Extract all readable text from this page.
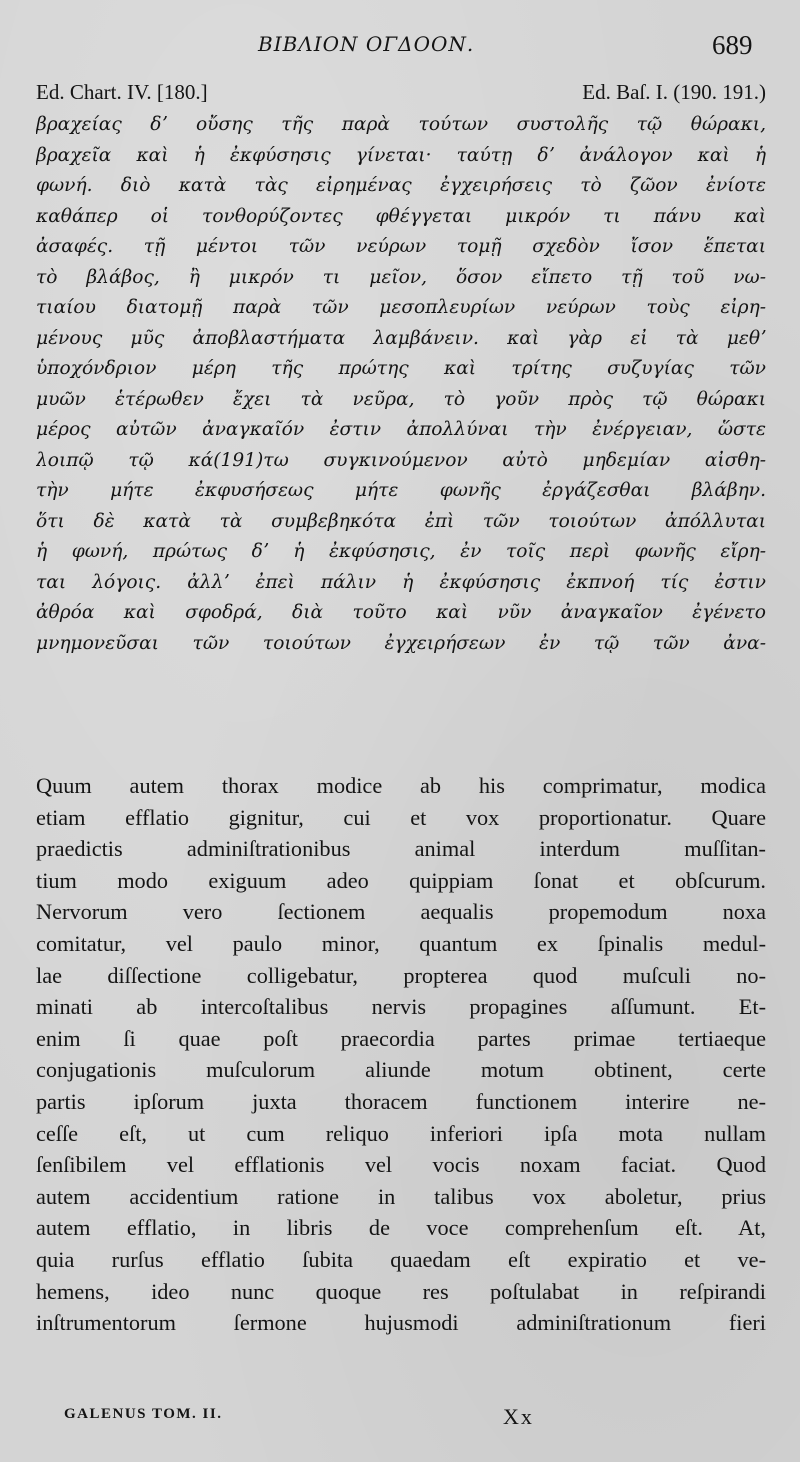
ΒΙΒΛΙΟΝ ΟΓΔΟΟΝ.	689
Ed. Chart. IV. [180.]	Ed. Baſ. I. (190. 191.)
βραχείας δʼ οὔσης τῆς παρὰ τούτων συστολῆς τῷ θώρακι,
βραχεῖα καὶ ἡ ἐκφύσησις γίνεται· ταύτῃ δʼ ἀνάλογον καὶ ἡ
φωνή. διὸ κατὰ τὰς εἰρημένας ἐγχειρήσεις τὸ ζῶον ἐνίοτε
καθάπερ οἱ τονθορύζοντες φθέγγεται μικρόν τι πάνυ καὶ
ἀσαφές. τῇ μέντοι τῶν νεύρων τομῇ σχεδὸν ἴσον ἕπεται
τὸ βλάβος, ἢ μικρόν τι μεῖον, ὅσον εἴπετο τῇ τοῦ νω-
τιαίου διατομῇ παρὰ τῶν μεσοπλευρίων νεύρων τοὺς εἰρη-
μένους μῦς ἀποβλαστήματα λαμβάνειν. καὶ γὰρ εἰ τὰ μεθʼ
ὑποχόνδριον μέρη τῆς πρώτης καὶ τρίτης συζυγίας τῶν
μυῶν ἑτέρωθεν ἔχει τὰ νεῦρα, τὸ γοῦν πρὸς τῷ θώρακι
μέρος αὐτῶν ἀναγκαῖόν ἐστιν ἀπολλύναι τὴν ἐνέργειαν, ὥστε
λοιπῷ τῷ κά(191)τω συγκινούμενον αὐτὸ μηδεμίαν αἰσθη-
τὴν μήτε ἐκφυσήσεως μήτε φωνῆς ἐργάζεσθαι βλάβην.
ὅτι δὲ κατὰ τὰ συμβεβηκότα ἐπὶ τῶν τοιούτων ἀπόλλυται
ἡ φωνή, πρώτως δʼ ἡ ἐκφύσησις, ἐν τοῖς περὶ φωνῆς εἴρη-
ται λόγοις. ἀλλʼ ἐπεὶ πάλιν ἡ ἐκφύσησις ἐκπνοή τίς ἐστιν
ἀθρόα καὶ σφοδρά, διὰ τοῦτο καὶ νῦν ἀναγκαῖον ἐγένετο
μνημονεῦσαι τῶν τοιούτων ἐγχειρήσεων ἐν τῷ τῶν ἀνα-
Quum autem thorax modice ab his comprimatur, modica
etiam efflatio gignitur, cui et vox proportionatur. Quare
praedictis adminiſtrationibus animal interdum muſſitan-
tium modo exiguum adeo quippiam ſonat et obſcurum.
Nervorum vero ſectionem aequalis propemodum noxa
comitatur, vel paulo minor, quantum ex ſpinalis medul-
lae diſſectione colligebatur, propterea quod muſculi no-
minati ab intercoſtalibus nervis propagines aſſumunt. Et-
enim ſi quae poſt praecordia partes primae tertiaeque
conjugationis muſculorum aliunde motum obtinent, certe
partis ipſorum juxta thoracem functionem interire ne-
ceſſe eſt, ut cum reliquo inferiori ipſa mota nullam
ſenſibilem vel efflationis vel vocis noxam faciat. Quod
autem accidentium ratione in talibus vox aboletur, prius
autem efflatio, in libris de voce comprehenſum eſt. At,
quia rurſus efflatio ſubita quaedam eſt expiratio et ve-
hemens, ideo nunc quoque res poſtulabat in reſpirandi
inſtrumentorum ſermone hujusmodi adminiſtrationum fieri
GALENUS TOM. II.	Xx
